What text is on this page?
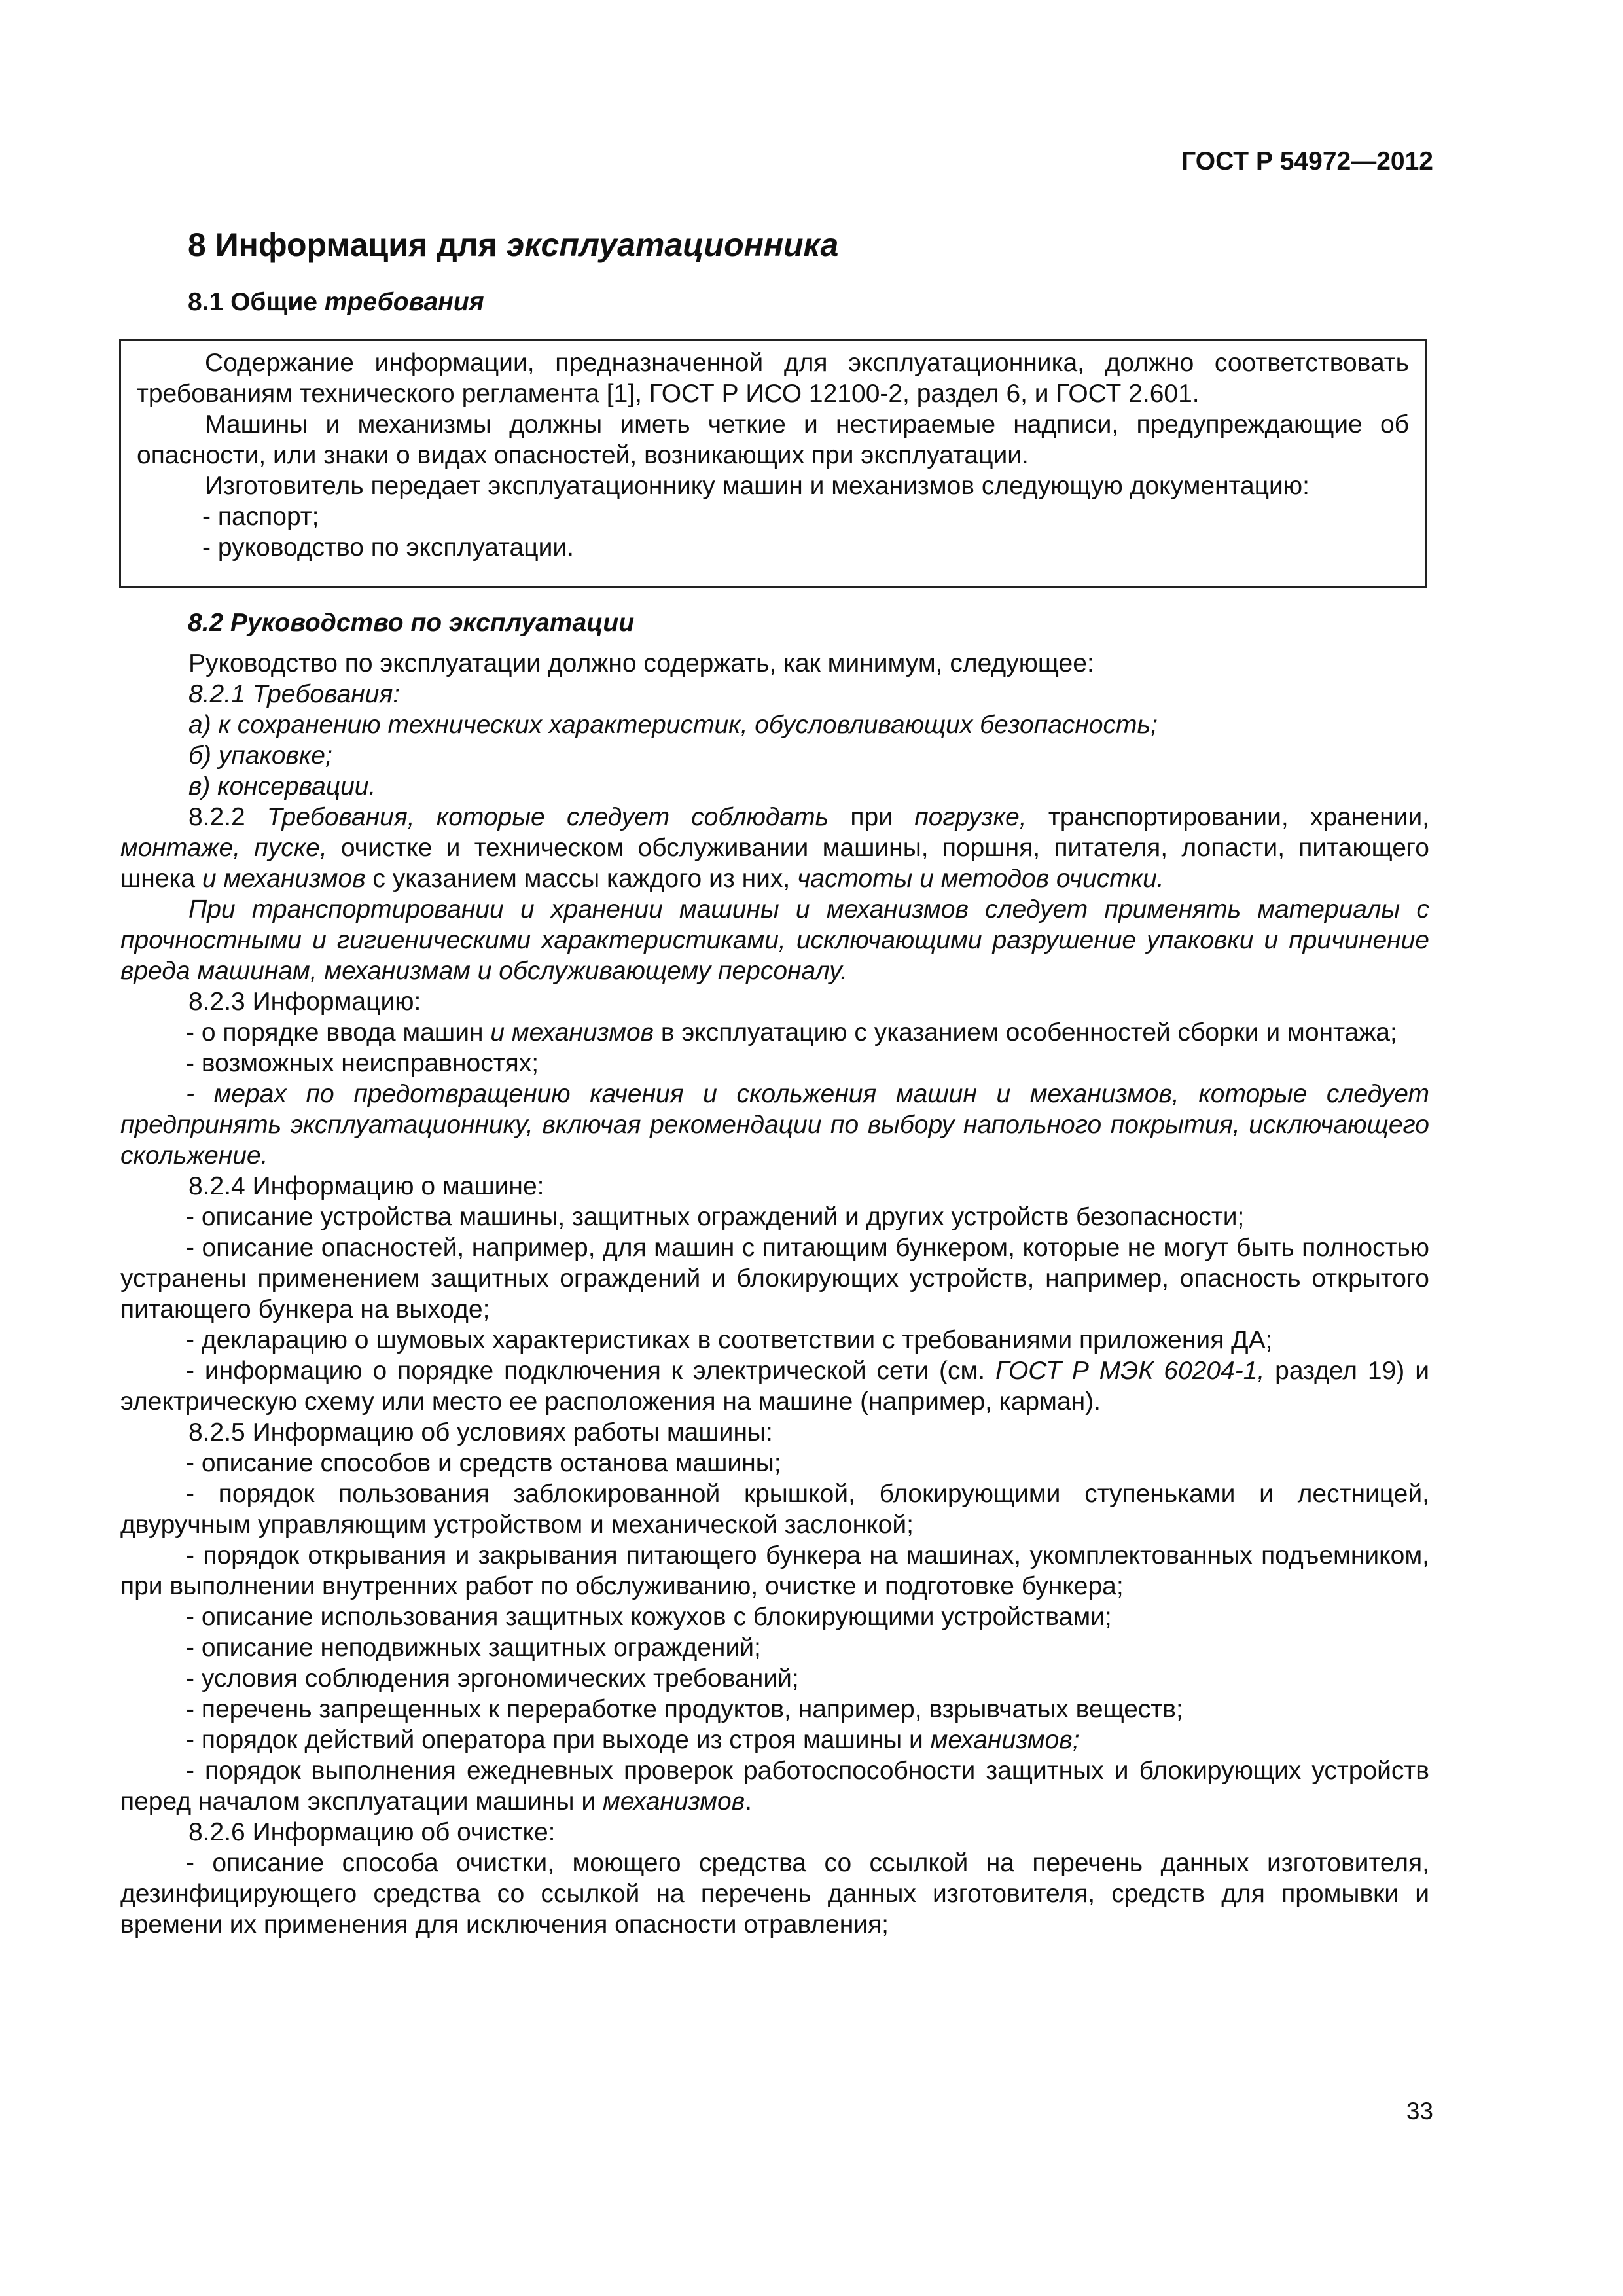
ГОСТ Р 54972—2012
8 Информация для эксплуатационника
8.1 Общие требования

Содержание информации, предназначенной для эксплуатационника, должно соответствовать требованиям технического регламента [1], ГОСТ Р ИСО 12100-2, раздел 6, и ГОСТ 2.601.

Машины и механизмы должны иметь четкие и нестираемые надписи, предупреждающие об опасности, или знаки о видах опасностей, возникающих при эксплуатации.

Изготовитель передает эксплуатационнику машин и механизмов следующую документацию:

- паспорт;

- руководство по эксплуатации.

8.2 Руководство по эксплуатации

Руководство по эксплуатации должно содержать, как минимум, следующее:

8.2.1 Требования:

а) к сохранению технических характеристик, обусловливающих безопасность;

б) упаковке;

в) консервации.

8.2.2 Требования, которые следует соблюдать при погрузке, транспортировании, хранении, монтаже, пуске, очистке и техническом обслуживании машины, поршня, питателя, лопасти, питающего шнека и механизмов с указанием массы каждого из них, частоты и методов очистки.

При транспортировании и хранении машины и механизмов следует применять материалы с прочностными и гигиеническими характеристиками, исключающими разрушение упаковки и причинение вреда машинам, механизмам и обслуживающему персоналу.

8.2.3 Информацию:

- о порядке ввода машин и механизмов в эксплуатацию с указанием особенностей сборки и монтажа;

- возможных неисправностях;

- мерах по предотвращению качения и скольжения машин и механизмов, которые следует предпринять эксплуатационнику, включая рекомендации по выбору напольного покрытия, исключающего скольжение.

8.2.4 Информацию о машине:

- описание устройства машины, защитных ограждений и других устройств безопасности;

- описание опасностей, например, для машин с питающим бункером, которые не могут быть полностью устранены применением защитных ограждений и блокирующих устройств, например, опасность открытого питающего бункера на выходе;

- декларацию о шумовых характеристиках в соответствии с требованиями приложения ДА;

- информацию о порядке подключения к электрической сети (см. ГОСТ Р МЭК 60204-1, раздел 19) и электрическую схему или место ее расположения на машине (например, карман).

8.2.5 Информацию об условиях работы машины:

- описание способов и средств останова машины;

- порядок пользования заблокированной крышкой, блокирующими ступеньками и лестницей, двуручным управляющим устройством и механической заслонкой;

- порядок открывания и закрывания питающего бункера на машинах, укомплектованных подъемником, при выполнении внутренних работ по обслуживанию, очистке и подготовке бункера;

- описание использования защитных кожухов с блокирующими устройствами;

- описание неподвижных защитных ограждений;

- условия соблюдения эргономических требований;

- перечень запрещенных к переработке продуктов, например, взрывчатых веществ;

- порядок действий оператора при выходе из строя машины и механизмов;

- порядок выполнения ежедневных проверок работоспособности защитных и блокирующих устройств перед началом эксплуатации машины и механизмов.

8.2.6 Информацию об очистке:

- описание способа очистки, моющего средства со ссылкой на перечень данных изготовителя, дезинфицирующего средства со ссылкой на перечень данных изготовителя, средств для промывки и времени их применения для исключения опасности отравления;

33
